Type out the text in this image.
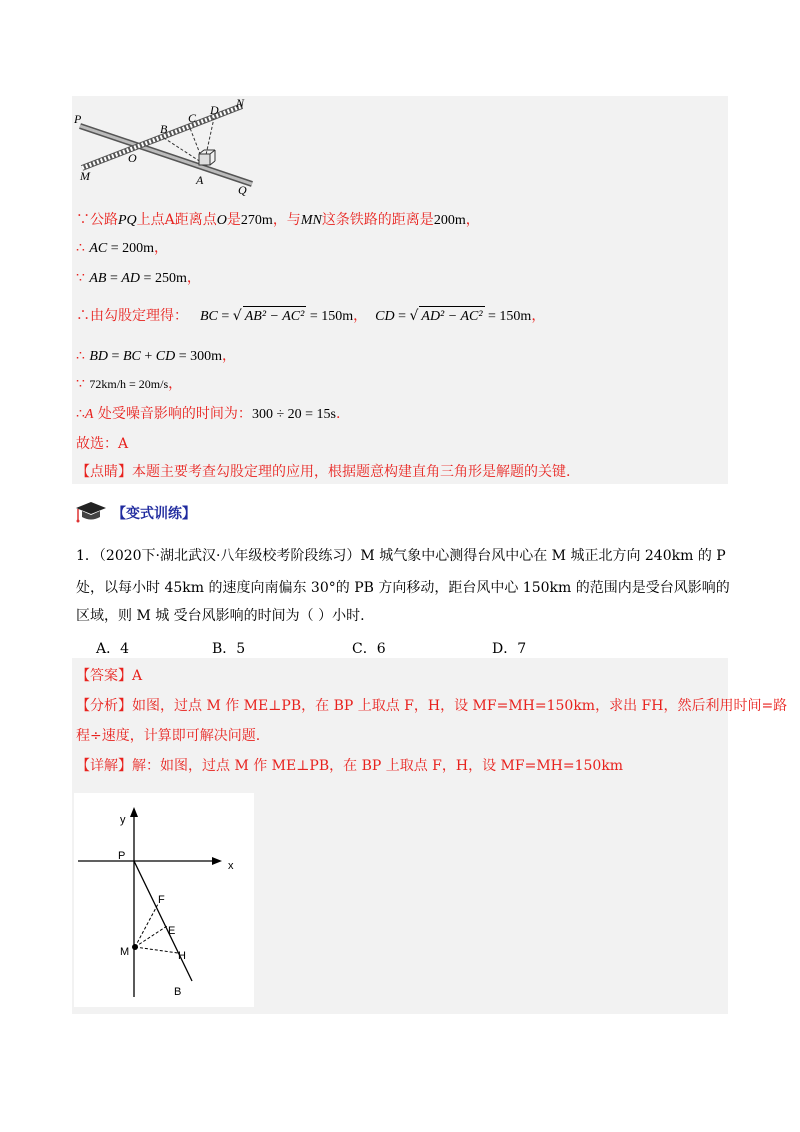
P
N
D
C
B
O
M	A
Q
∵公路PQ上点A距离点O是270m，与MN这条铁路的距离是200m，
∴ AC = 200m，
∵ AB = AD = 250m，
∴由勾股定理得： BC = √ AB² − AC² = 150m， CD = √ AD² − AC² = 150m，
∴ BD = BC + CD = 300m，
∵ 72km/h = 20m/s，
∴A 处受噪音影响的时间为：300 ÷ 20 = 15s.
故选：A
【点睛】本题主要考查勾股定理的应用，根据题意构建直角三角形是解题的关键.
【变式训练】
1．（2020下·湖北武汉·八年级校考阶段练习）M 城气象中心测得台风中心在 M 城正北方向 240km 的 P
处，以每小时 45km 的速度向南偏东 30°的 PB 方向移动，距台风中心 150km 的范围内是受台风影响的
区域，则 M 城 受台风影响的时间为（ ）小时.
A．4	B．5	C．6	D．7
【答案】A
【分析】如图，过点 M 作 ME⊥PB，在 BP 上取点 F，H，设 MF=MH=150km，求出 FH，然后利用时间=路
程÷速度，计算即可解决问题.
【详解】解：如图，过点 M 作 ME⊥PB，在 BP 上取点 F，H，设 MF=MH=150km
y
x
P
F
E
M	H
B
